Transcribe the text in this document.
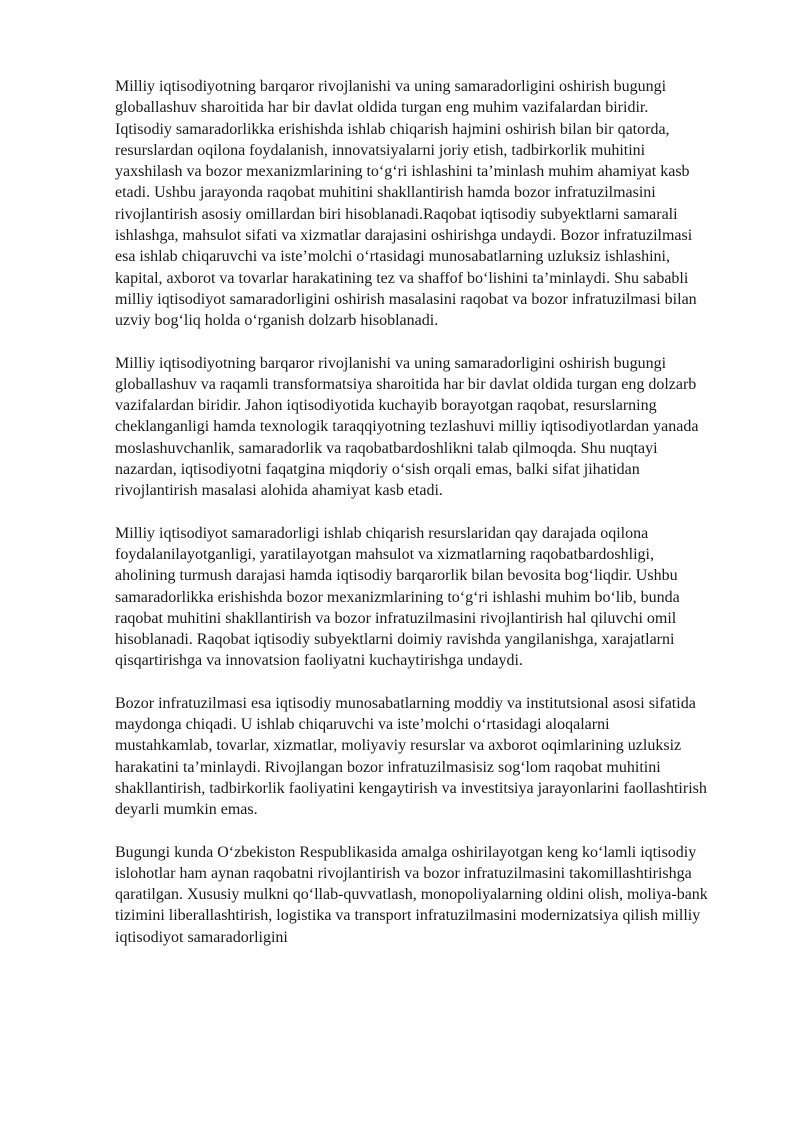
Milliy iqtisodiyotning barqaror rivojlanishi va uning samaradorligini oshirish bugungi globallashuv sharoitida har bir davlat oldida turgan eng muhim vazifalardan biridir. Iqtisodiy samaradorlikka erishishda ishlab chiqarish hajmini oshirish bilan bir qatorda, resurslardan oqilona foydalanish, innovatsiyalarni joriy etish, tadbirkorlik muhitini yaxshilash va bozor mexanizmlarining toʻgʻri ishlashini taʼminlash muhim ahamiyat kasb etadi. Ushbu jarayonda raqobat muhitini shakllantirish hamda bozor infratuzilmasini rivojlantirish asosiy omillardan biri hisoblanadi.Raqobat iqtisodiy subyektlarni samarali ishlashga, mahsulot sifati va xizmatlar darajasini oshirishga undaydi. Bozor infratuzilmasi esa ishlab chiqaruvchi va isteʼmolchi oʻrtasidagi munosabatlarning uzluksiz ishlashini, kapital, axborot va tovarlar harakatining tez va shaffof boʻlishini taʼminlaydi. Shu sababli milliy iqtisodiyot samaradorligini oshirish masalasini raqobat va bozor infratuzilmasi bilan uzviy bogʻliq holda oʻrganish dolzarb hisoblanadi.

Milliy iqtisodiyotning barqaror rivojlanishi va uning samaradorligini oshirish bugungi globallashuv va raqamli transformatsiya sharoitida har bir davlat oldida turgan eng dolzarb vazifalardan biridir. Jahon iqtisodiyotida kuchayib borayotgan raqobat, resurslarning cheklanganligi hamda texnologik taraqqiyotning tezlashuvi milliy iqtisodiyotlardan yanada moslashuvchanlik, samaradorlik va raqobatbardoshlikni talab qilmoqda. Shu nuqtayi nazardan, iqtisodiyotni faqatgina miqdoriy oʻsish orqali emas, balki sifat jihatidan rivojlantirish masalasi alohida ahamiyat kasb etadi.

Milliy iqtisodiyot samaradorligi ishlab chiqarish resurslaridan qay darajada oqilona foydalanilayotganligi, yaratilayotgan mahsulot va xizmatlarning raqobatbardoshligi, aholining turmush darajasi hamda iqtisodiy barqarorlik bilan bevosita bogʻliqdir. Ushbu samaradorlikka erishishda bozor mexanizmlarining toʻgʻri ishlashi muhim boʻlib, bunda raqobat muhitini shakllantirish va bozor infratuzilmasini rivojlantirish hal qiluvchi omil hisoblanadi. Raqobat iqtisodiy subyektlarni doimiy ravishda yangilanishga, xarajatlarni qisqartirishga va innovatsion faoliyatni kuchaytirishga undaydi.

Bozor infratuzilmasi esa iqtisodiy munosabatlarning moddiy va institutsional asosi sifatida maydonga chiqadi. U ishlab chiqaruvchi va isteʼmolchi oʻrtasidagi aloqalarni mustahkamlab, tovarlar, xizmatlar, moliyaviy resurslar va axborot oqimlarining uzluksiz harakatini taʼminlaydi. Rivojlangan bozor infratuzilmasisiz sogʻlom raqobat muhitini shakllantirish, tadbirkorlik faoliyatini kengaytirish va investitsiya jarayonlarini faollashtirish deyarli mumkin emas.

Bugungi kunda Oʻzbekiston Respublikasida amalga oshirilayotgan keng koʻlamli iqtisodiy islohotlar ham aynan raqobatni rivojlantirish va bozor infratuzilmasini takomillashtirishga qaratilgan. Xususiy mulkni qoʻllab-quvvatlash, monopoliyalarning oldini olish, moliya-bank tizimini liberallashtirish, logistika va transport infratuzilmasini modernizatsiya qilish milliy iqtisodiyot samaradorligini
